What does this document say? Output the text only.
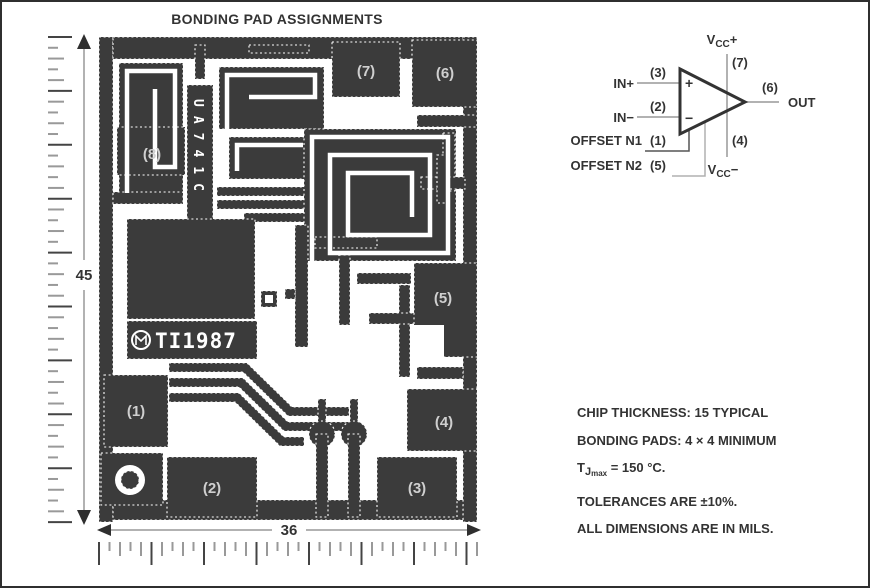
BONDING PAD ASSIGNMENTS
45
(1)
(2)	(3)
(4)
(5)
(6)
(7)
(8) UA741C
TI1987
36
+
−
$V_{CC}+$
(7)
(4)
$V_{CC}-$
IN+
(3)
IN−
(2)
OFFSET N1 (1)
OFFSET N2 (5)
(6)
OUT
CHIP THICKNESS: 15 TYPICAL
BONDING PADS: 4 × 4 MINIMUM
$T_{Jmax} = 150$ °C.
TOLERANCES ARE ±10%.
ALL DIMENSIONS ARE IN MILS.
